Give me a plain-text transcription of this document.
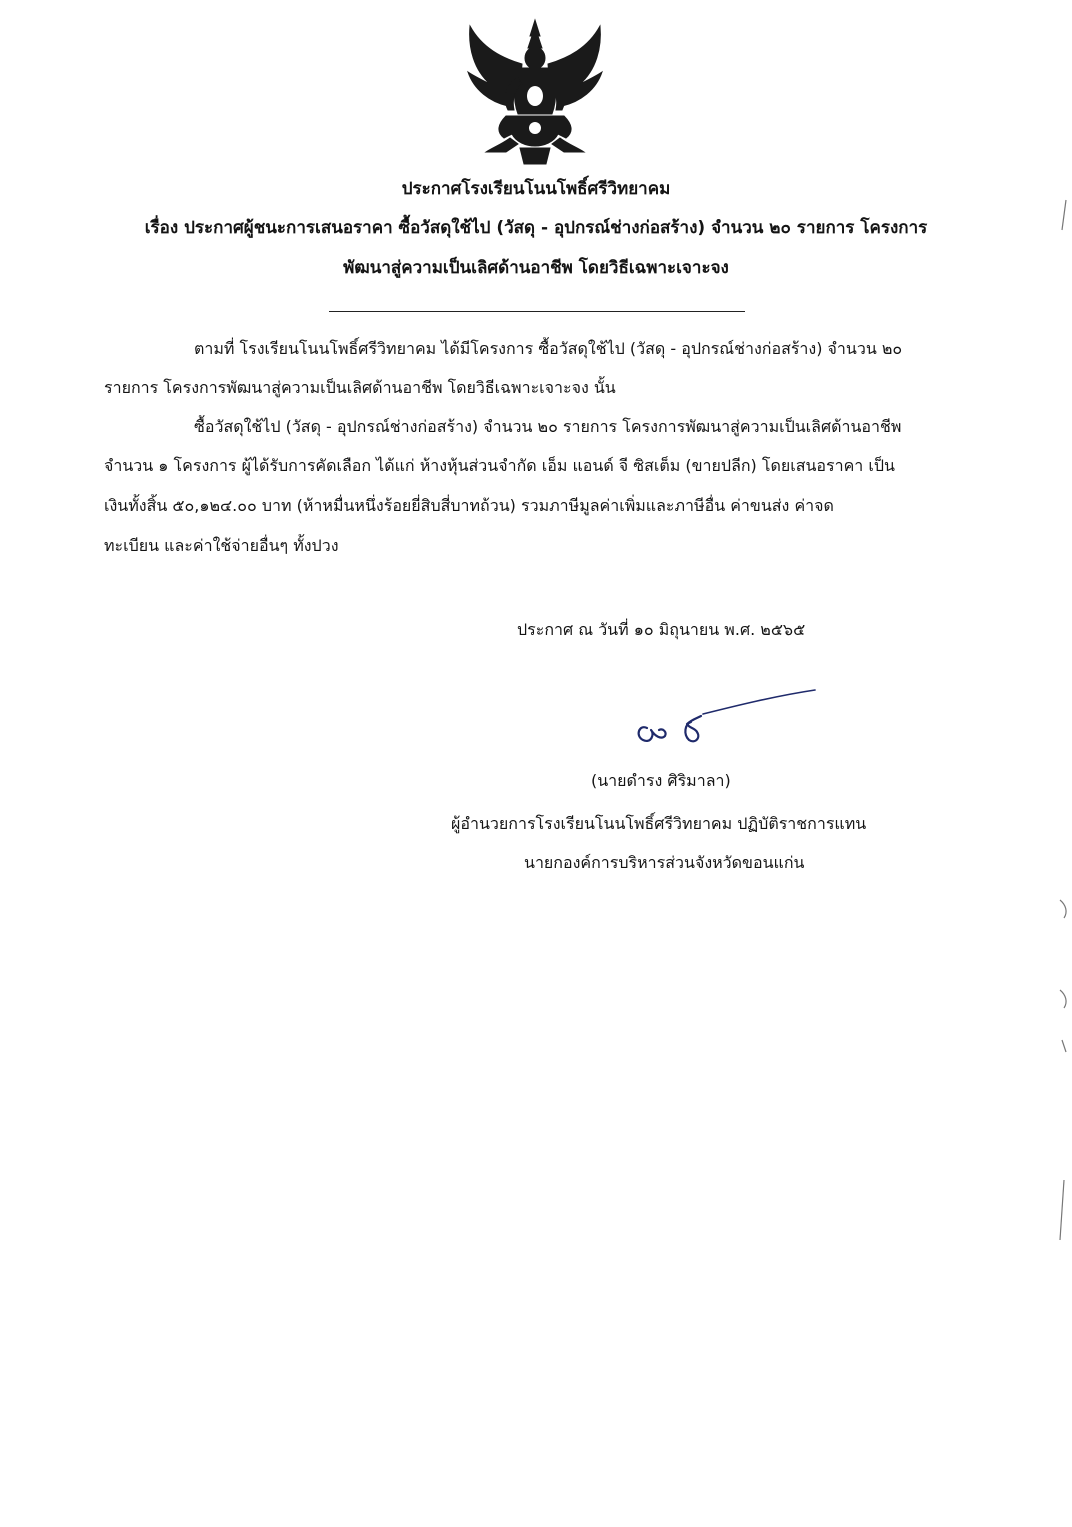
ประกาศโรงเรียนโนนโพธิ์ศรีวิทยาคม
เรื่อง ประกาศผู้ชนะการเสนอราคา ซื้อวัสดุใช้ไป (วัสดุ - อุปกรณ์ช่างก่อสร้าง) จำนวน ๒๐ รายการ โครงการ
พัฒนาสู่ความเป็นเลิศด้านอาชีพ โดยวิธีเฉพาะเจาะจง
ตามที่ โรงเรียนโนนโพธิ์ศรีวิทยาคม ได้มีโครงการ ซื้อวัสดุใช้ไป (วัสดุ - อุปกรณ์ช่างก่อสร้าง) จำนวน ๒๐
รายการ โครงการพัฒนาสู่ความเป็นเลิศด้านอาชีพ โดยวิธีเฉพาะเจาะจง นั้น
ซื้อวัสดุใช้ไป (วัสดุ - อุปกรณ์ช่างก่อสร้าง) จำนวน ๒๐ รายการ โครงการพัฒนาสู่ความเป็นเลิศด้านอาชีพ
จำนวน ๑ โครงการ ผู้ได้รับการคัดเลือก ได้แก่ ห้างหุ้นส่วนจำกัด เอ็ม แอนด์ จี ซิสเต็ม (ขายปลีก) โดยเสนอราคา เป็น
เงินทั้งสิ้น ๕๐,๑๒๔.๐๐ บาท (ห้าหมื่นหนึ่งร้อยยี่สิบสี่บาทถ้วน) รวมภาษีมูลค่าเพิ่มและภาษีอื่น ค่าขนส่ง ค่าจด
ทะเบียน และค่าใช้จ่ายอื่นๆ ทั้งปวง
ประกาศ ณ วันที่ ๑๐ มิถุนายน พ.ศ. ๒๕๖๕
(นายดำรง ศิริมาลา)
ผู้อำนวยการโรงเรียนโนนโพธิ์ศรีวิทยาคม ปฏิบัติราชการแทน
นายกองค์การบริหารส่วนจังหวัดขอนแก่น
